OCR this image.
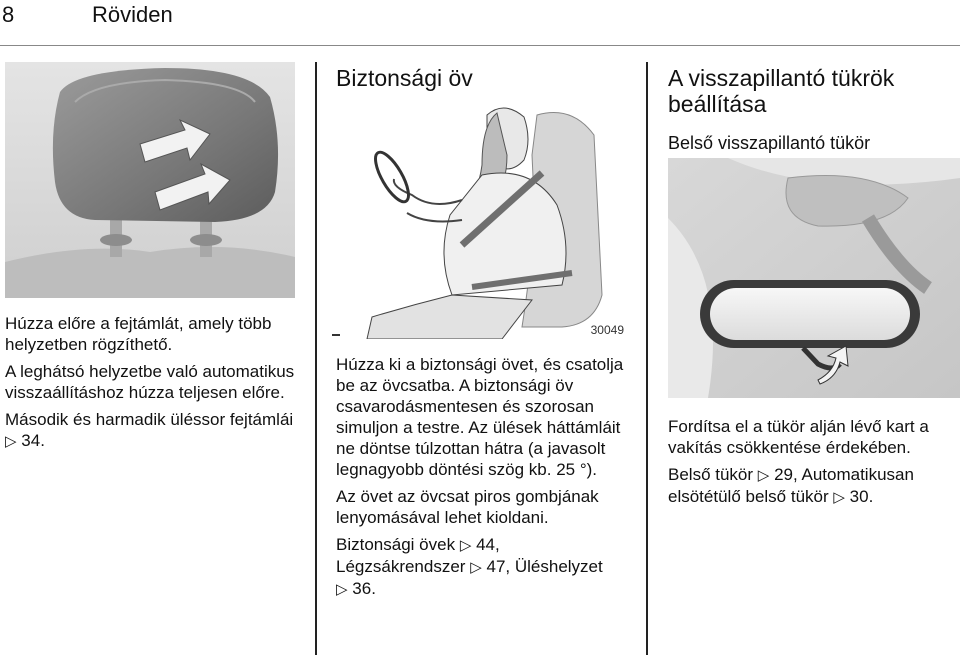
8	Röviden

Húzza előre a fejtámlát, amely több helyzetben rögzíthető.

A leghátsó helyzetbe való automatikus visszaállításhoz húzza teljesen előre.

Második és harmadik üléssor fejtámlái ▷ 34.

Biztonsági öv
30049

Húzza ki a biztonsági övet, és csatolja be az övcsatba. A biztonsági öv csavarodásmentesen és szorosan simuljon a testre. Az ülések háttámláit ne döntse túlzottan hátra (a javasolt legnagyobb döntési szög kb. 25 °).

Az övet az övcsat piros gombjának lenyomásával lehet kioldani.

Biztonsági övek ▷ 44,
Légzsákrendszer ▷ 47, Üléshelyzet
▷ 36.

A visszapillantó tükrök beállítása
Belső visszapillantó tükör

Fordítsa el a tükör alján lévő kart a vakítás csökkentése érdekében.

Belső tükör ▷ 29, Automatikusan elsötétülő belső tükör ▷ 30.
